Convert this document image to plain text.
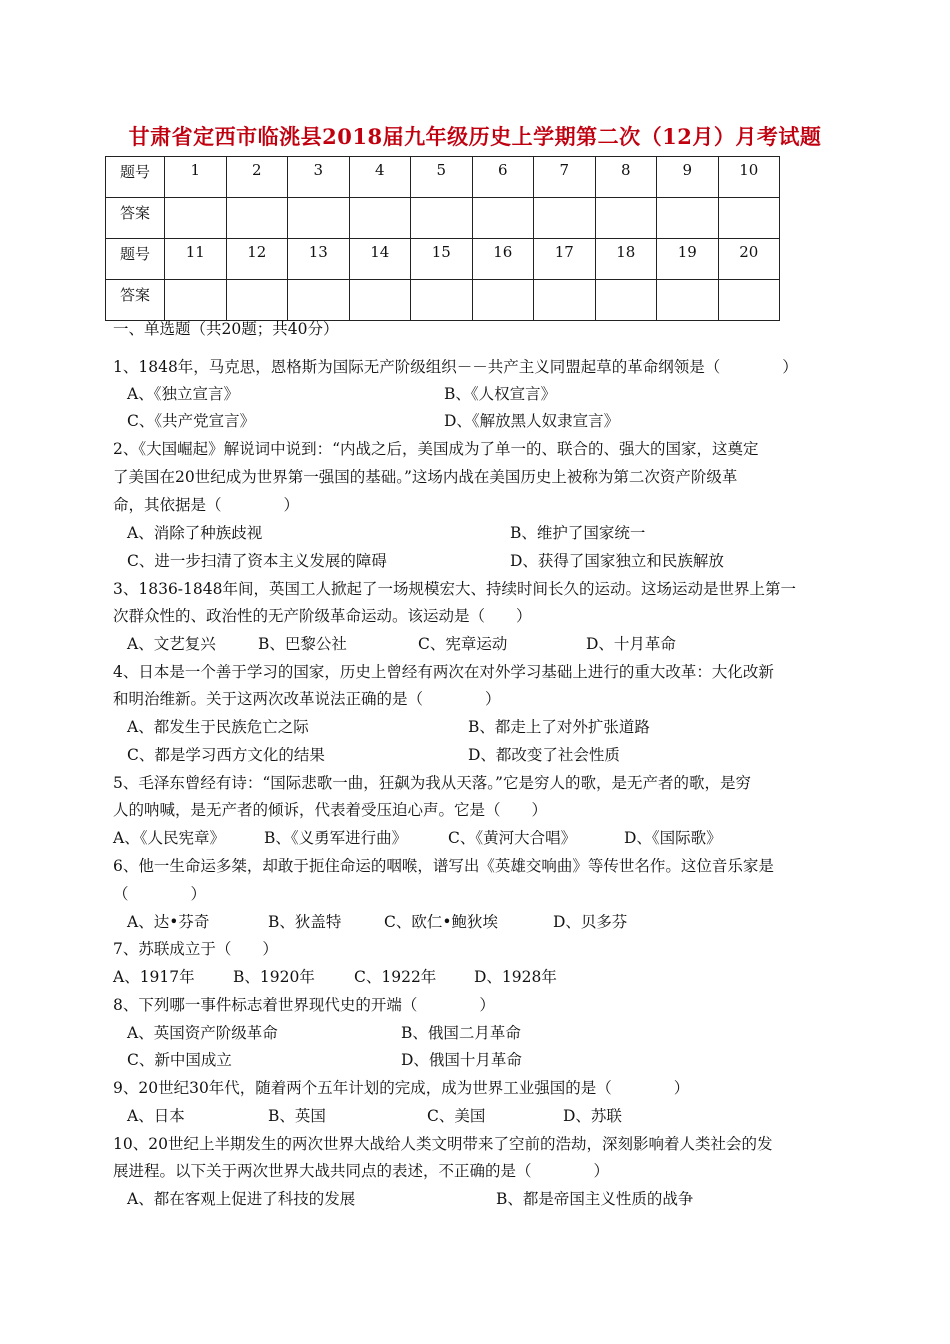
甘肃省定西市临洮县2018届九年级历史上学期第二次（12月）月考试题
题号	1	2	3	4	5	6	7	8	9	10

答案										

题号	11	12	13	14	15	16	17	18	19	20

答案										

一、单选题（共20题；共40分）
1、1848年，马克思，恩格斯为国际无产阶级组织－－共产主义同盟起草的革命纲领是（　　　　）
A、《独立宣言》	B、《人权宣言》
C、《共产党宣言》	D、《解放黑人奴隶宣言》
2、《大国崛起》解说词中说到：“内战之后，美国成为了单一的、联合的、强大的国家，这奠定
了美国在20世纪成为世界第一强国的基础。”这场内战在美国历史上被称为第二次资产阶级革
命，其依据是（　　　　）
A、消除了种族歧视	B、维护了国家统一
C、进一步扫清了资本主义发展的障碍	D、获得了国家独立和民族解放
3、1836-1848年间，英国工人掀起了一场规模宏大、持续时间长久的运动。这场运动是世界上第一
次群众性的、政治性的无产阶级革命运动。该运动是（　　）
A、文艺复兴	B、巴黎公社	C、宪章运动	D、十月革命
4、日本是一个善于学习的国家，历史上曾经有两次在对外学习基础上进行的重大改革：大化改新
和明治维新。关于这两次改革说法正确的是（　　　　）
A、都发生于民族危亡之际	B、都走上了对外扩张道路
C、都是学习西方文化的结果	D、都改变了社会性质
5、毛泽东曾经有诗：“国际悲歌一曲，狂飙为我从天落。”它是穷人的歌，是无产者的歌，是穷
人的呐喊，是无产者的倾诉，代表着受压迫心声。它是（　　）
A、《人民宪章》	B、《义勇军进行曲》	C、《黄河大合唱》	D、《国际歌》
6、他一生命运多桀，却敢于扼住命运的咽喉，谱写出《英雄交响曲》等传世名作。这位音乐家是
（　　　　）
A、达•芬奇	B、狄盖特	C、欧仁•鲍狄埃	D、贝多芬
7、苏联成立于（　　）
A、1917年 B、1920年	C、1922年 D、1928年
8、下列哪一事件标志着世界现代史的开端（　　　　）
A、英国资产阶级革命	B、俄国二月革命
C、新中国成立	D、俄国十月革命
9、20世纪30年代，随着两个五年计划的完成，成为世界工业强国的是（　　　　）
A、日本	B、英国	C、美国	D、苏联
10、20世纪上半期发生的两次世界大战给人类文明带来了空前的浩劫，深刻影响着人类社会的发
展进程。以下关于两次世界大战共同点的表述，不正确的是（　　　　）
A、都在客观上促进了科技的发展	B、都是帝国主义性质的战争
